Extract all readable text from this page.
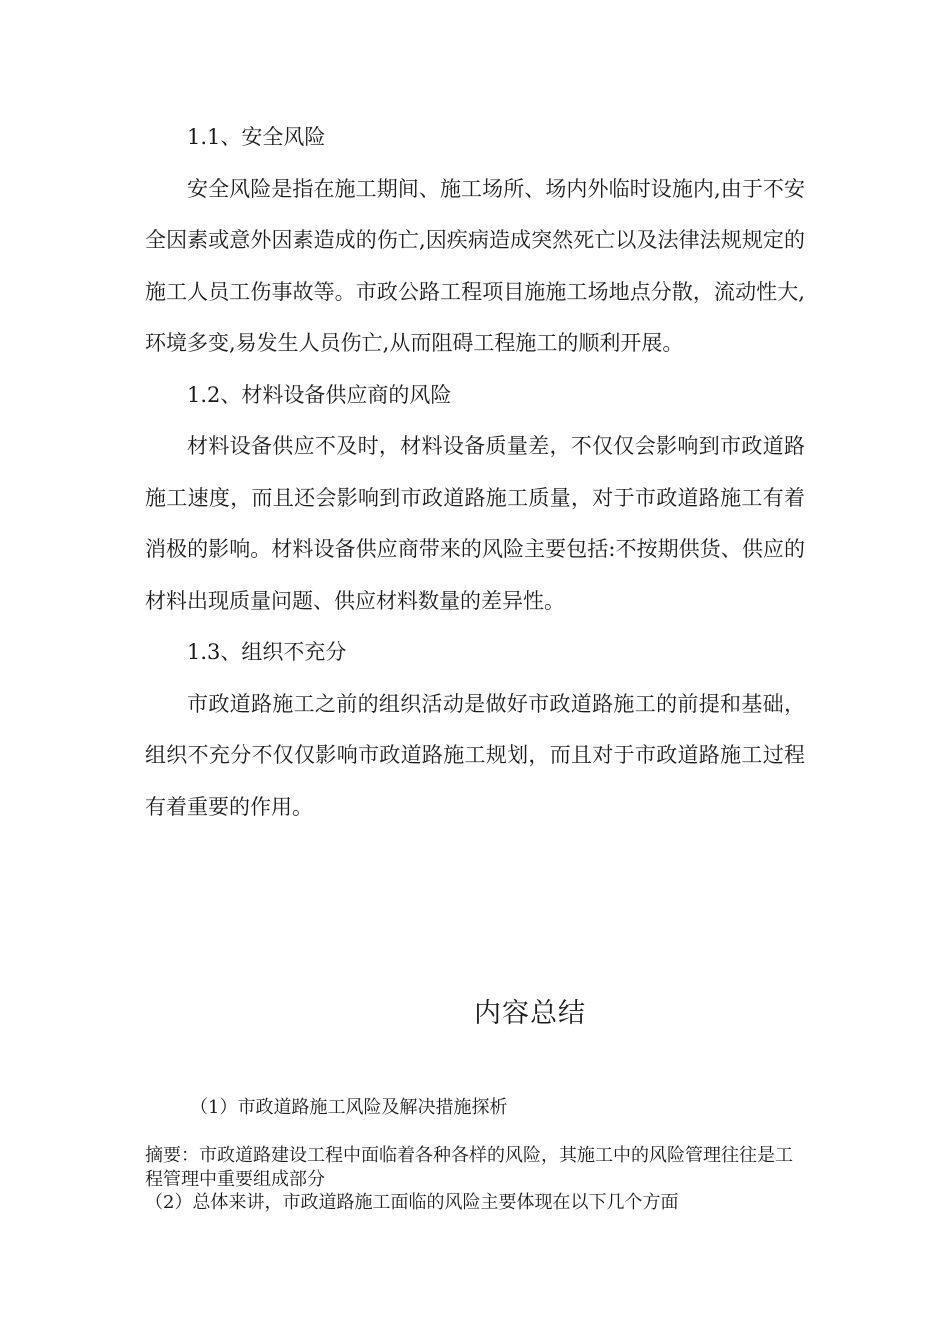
1.1、安全风险

安全风险是指在施工期间、施工场所、场内外临时设施内,由于不安全因素或意外因素造成的伤亡,因疾病造成突然死亡以及法律法规规定的施工人员工伤事故等。市政公路工程项目施施工场地点分散，流动性大,环境多变,易发生人员伤亡,从而阻碍工程施工的顺利开展。

1.2、材料设备供应商的风险

材料设备供应不及时，材料设备质量差，不仅仅会影响到市政道路施工速度，而且还会影响到市政道路施工质量，对于市政道路施工有着消极的影响。材料设备供应商带来的风险主要包括:不按期供货、供应的材料出现质量问题、供应材料数量的差异性。

1.3、组织不充分

市政道路施工之前的组织活动是做好市政道路施工的前提和基础，组织不充分不仅仅影响市政道路施工规划，而且对于市政道路施工过程有着重要的作用。

内容总结

（1）市政道路施工风险及解决措施探析

摘要：市政道路建设工程中面临着各种各样的风险，其施工中的风险管理往往是工程管理中重要组成部分

（2）总体来讲，市政道路施工面临的风险主要体现在以下几个方面
